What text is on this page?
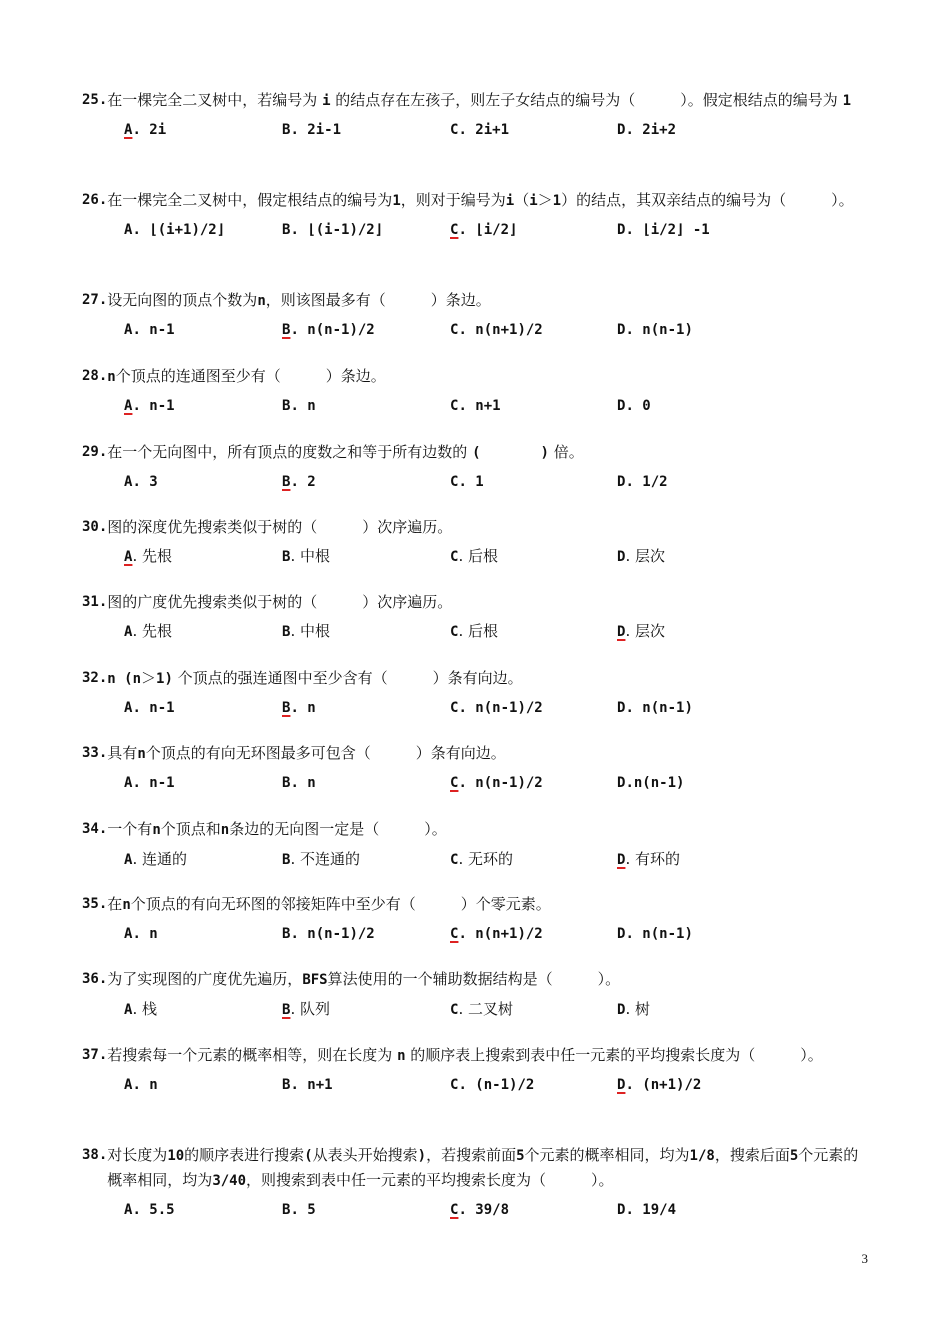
25. 在一棵完全二叉树中，若编号为 i 的结点存在左孩子，则左子女结点的编号为（　　　）。假定根结点的编号为 1
A. 2i	B. 2i-1	C. 2i+1	D. 2i+2
26. 在一棵完全二叉树中，假定根结点的编号为1，则对于编号为i（i＞1）的结点，其双亲结点的编号为（　　　）。
A. ⌊(i+1)/2⌋	B. ⌊(i-1)/2⌋	C. ⌊i/2⌋	D. ⌊i/2⌋ -1
27. 设无向图的顶点个数为n，则该图最多有（　　　）条边。
A. n-1	B. n(n-1)/2	C. n(n+1)/2	D. n(n-1)
28. n个顶点的连通图至少有（　　　）条边。
A. n-1	B. n	C. n+1	D. 0
29. 在一个无向图中，所有顶点的度数之和等于所有边数的 (　　　　	) 倍。
A. 3	B. 2	C. 1	D. 1/2
30. 图的深度优先搜索类似于树的（　　　）次序遍历。
A. 先根	B. 中根	C. 后根	D. 层次
31. 图的广度优先搜索类似于树的（　　　）次序遍历。
A. 先根	B. 中根	C. 后根	D. 层次
32. n (n＞1) 个顶点的强连通图中至少含有（　　　）条有向边。
A. n-1	B. n	C. n(n-1)/2	D. n(n-1)
33. 具有n个顶点的有向无环图最多可包含（　　　）条有向边。
A. n-1	B. n	C. n(n-1)/2	D.n(n-1)
34. 一个有n个顶点和n条边的无向图一定是（　　　）。
A. 连通的	B. 不连通的	C. 无环的	D. 有环的
35. 在n个顶点的有向无环图的邻接矩阵中至少有（　　　）个零元素。
A. n	B. n(n-1)/2	C. n(n+1)/2	D. n(n-1)
36. 为了实现图的广度优先遍历，BFS算法使用的一个辅助数据结构是（　　　）。
A. 栈	B. 队列	C. 二叉树	D. 树
37. 若搜索每一个元素的概率相等，则在长度为 n 的顺序表上搜索到表中任一元素的平均搜索长度为（　　　）。
A. n	B. n+1	C. (n-1)/2	D. (n+1)/2
38. 对长度为10的顺序表进行搜索(从表头开始搜索)，若搜索前面5个元素的概率相同，均为1/8，搜索后面5个元素的概率相同，均为3/40，则搜索到表中任一元素的平均搜索长度为（　　　）。
A. 5.5	B. 5	C. 39/8	D. 19/4
3
